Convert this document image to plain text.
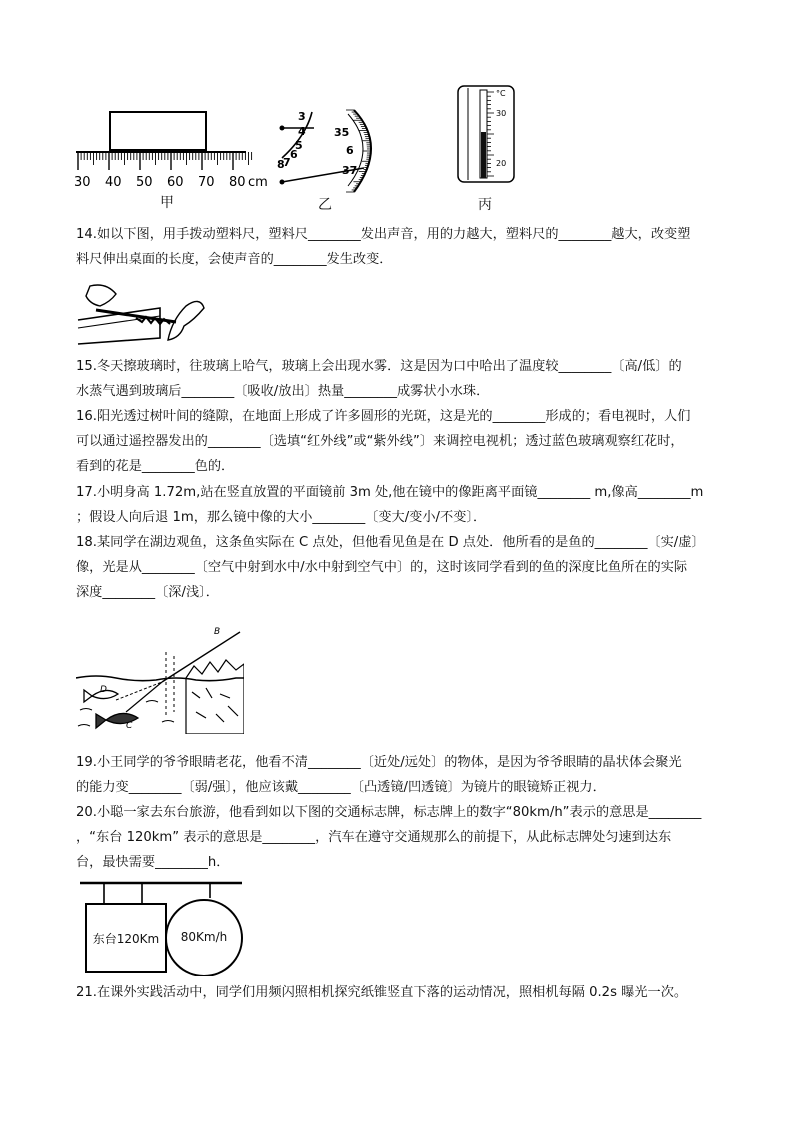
30 40 50 60 70 80 cm
甲
3
4
5
6
7
8
35
6
37
乙
°C
30
20
丙
14.如以下图，用手拨动塑料尺，塑料尺________发出声音，用的力越大，塑料尺的________越大，改变塑
料尺伸出桌面的长度，会使声音的________发生改变．
15.冬天擦玻璃时，往玻璃上哈气，玻璃上会出现水雾．这是因为口中哈出了温度较________〔高/低〕的
水蒸气遇到玻璃后________〔吸收/放出〕热量________成雾状小水珠．
16.阳光透过树叶间的缝隙，在地面上形成了许多圆形的光斑，这是光的________形成的；看电视时，人们
可以通过遥控器发出的________〔选填“红外线”或“紫外线”〕来调控电视机；透过蓝色玻璃观察红花时，
看到的花是________色的．
17.小明身高 1.72m,站在竖直放置的平面镜前 3m 处,他在镜中的像距离平面镜________ m,像高________m
；假设人向后退 1m，那么镜中像的大小________〔变大/变小/不变〕．
18.某同学在湖边观鱼，这条鱼实际在 C 点处，但他看见鱼是在 D 点处．他所看的是鱼的________〔实/虚〕
像，光是从________〔空气中射到水中/水中射到空气中〕的，这时该同学看到的鱼的深度比鱼所在的实际
深度________〔深/浅〕．
B
D
C
19.小王同学的爷爷眼睛老花，他看不清________〔近处/远处〕的物体，是因为爷爷眼睛的晶状体会聚光
的能力变________〔弱/强〕，他应该戴________〔凸透镜/凹透镜〕为镜片的眼镜矫正视力．
20.小聪一家去东台旅游，他看到如以下图的交通标志牌，标志牌上的数字“80km/h”表示的意思是________
，“东台 120km” 表示的意思是________，汽车在遵守交通规那么的前提下，从此标志牌处匀速到达东
台，最快需要________h．
东台120Km	80Km/h
21.在课外实践活动中，同学们用频闪照相机探究纸锥竖直下落的运动情况，照相机每隔 0.2s 曝光一次。
